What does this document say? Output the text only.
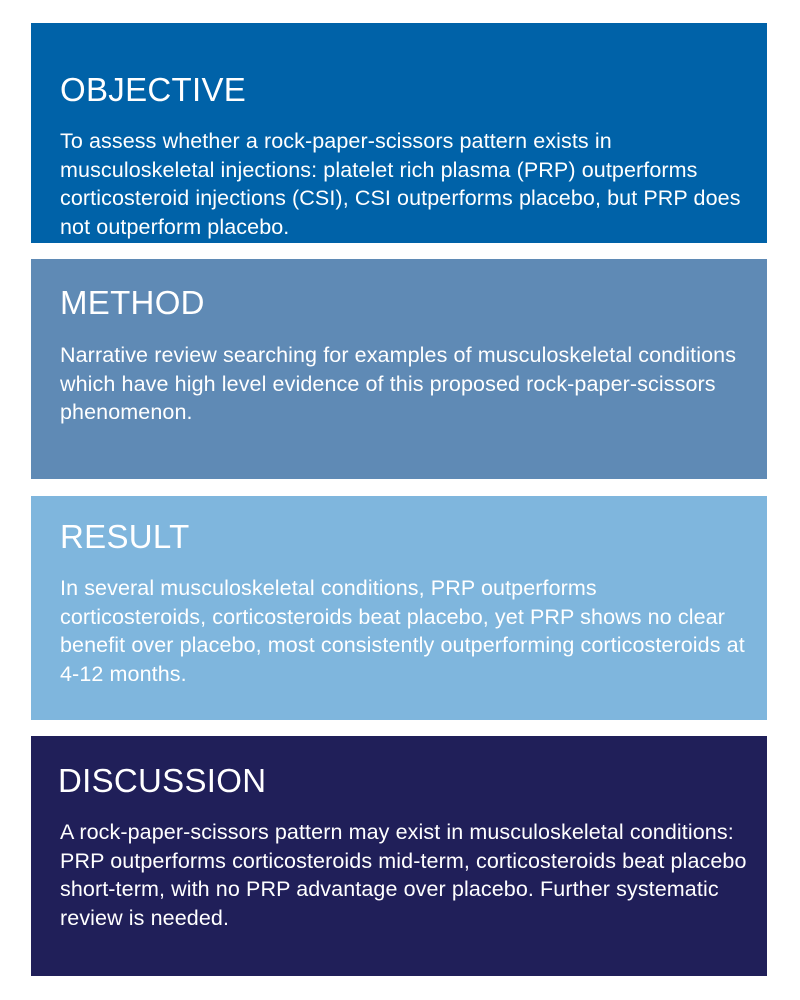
OBJECTIVE

To assess whether a rock-paper-scissors pattern exists in musculoskeletal injections: platelet rich plasma (PRP) outperforms corticosteroid injections (CSI), CSI outperforms placebo, but PRP does not outperform placebo.

METHOD

Narrative review searching for examples of musculoskeletal conditions which have high level evidence of this proposed rock-paper-scissors phenomenon.

RESULT

In several musculoskeletal conditions, PRP outperforms corticosteroids, corticosteroids beat placebo, yet PRP shows no clear benefit over placebo, most consistently outperforming corticosteroids at 4-12 months.

DISCUSSION

A rock-paper-scissors pattern may exist in musculoskeletal conditions: PRP outperforms corticosteroids mid-term, corticosteroids beat placebo short-term, with no PRP advantage over placebo. Further systematic review is needed.
